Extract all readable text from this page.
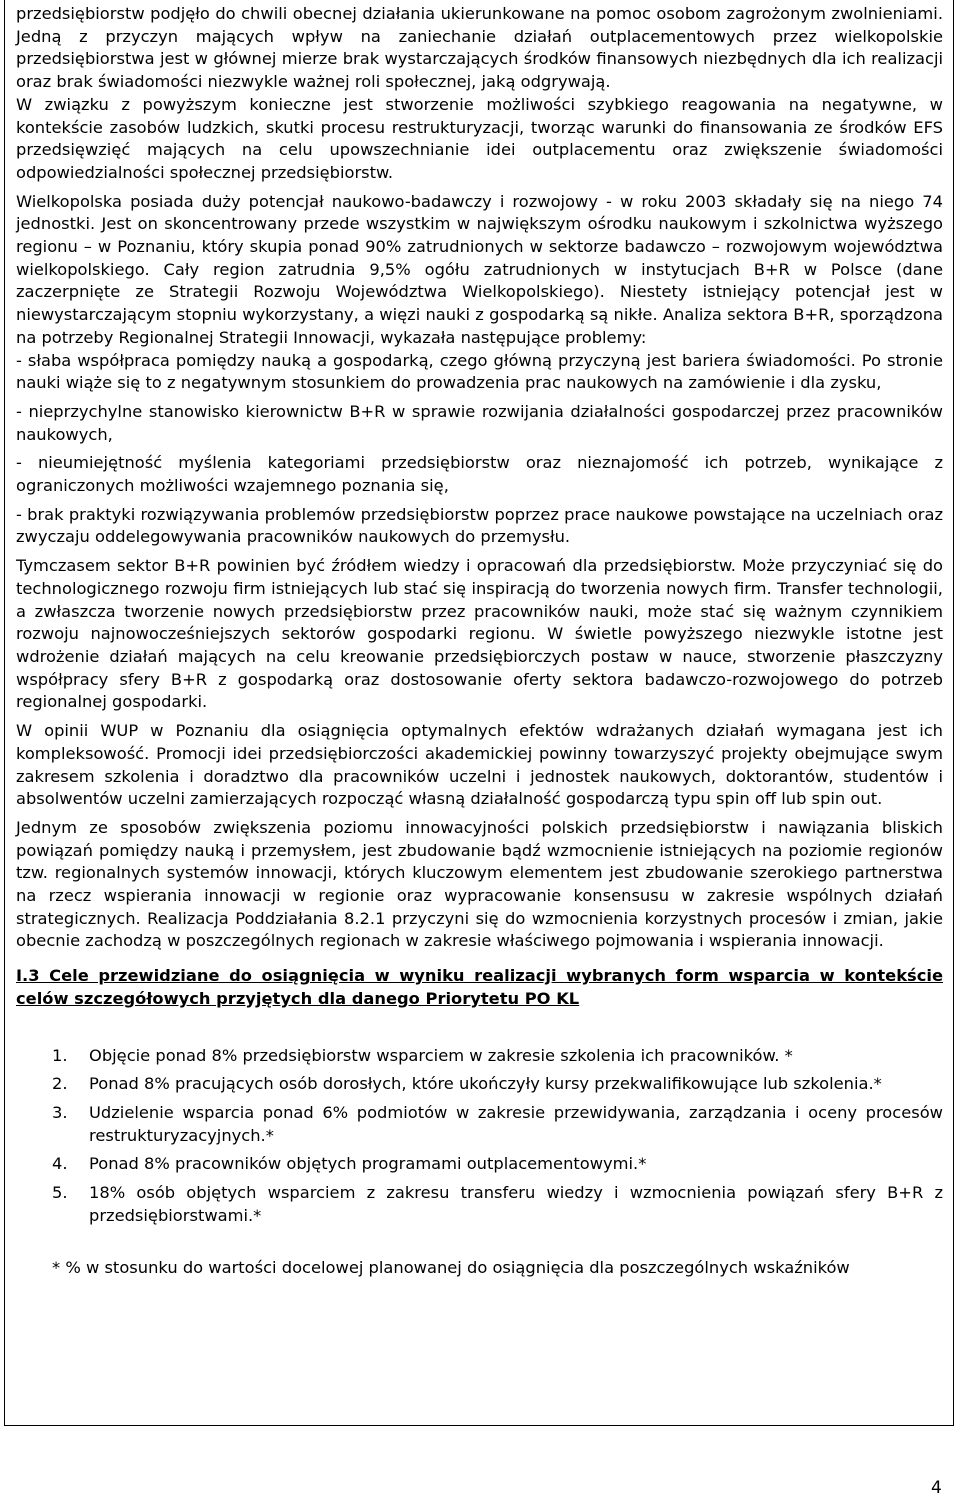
przedsiębiorstw podjęło do chwili obecnej działania ukierunkowane na pomoc osobom zagrożonym zwolnieniami. Jedną z przyczyn mających wpływ na zaniechanie działań outplacementowych przez wielkopolskie przedsiębiorstwa jest w głównej mierze brak wystarczających środków finansowych niezbędnych dla ich realizacji oraz brak świadomości niezwykle ważnej roli społecznej, jaką odgrywają.

W związku z powyższym konieczne jest stworzenie możliwości szybkiego reagowania na negatywne, w kontekście zasobów ludzkich, skutki procesu restrukturyzacji, tworząc warunki do finansowania ze środków EFS przedsięwzięć mających na celu upowszechnianie idei outplacementu oraz zwiększenie świadomości odpowiedzialności społecznej przedsiębiorstw.

Wielkopolska posiada duży potencjał naukowo-badawczy i rozwojowy - w roku 2003 składały się na niego 74 jednostki. Jest on skoncentrowany przede wszystkim w największym ośrodku naukowym i szkolnictwa wyższego regionu – w Poznaniu, który skupia ponad 90% zatrudnionych w sektorze badawczo – rozwojowym województwa wielkopolskiego. Cały region zatrudnia 9,5% ogółu zatrudnionych w instytucjach B+R w Polsce (dane zaczerpnięte ze Strategii Rozwoju Województwa Wielkopolskiego). Niestety istniejący potencjał jest w niewystarczającym stopniu wykorzystany, a więzi nauki z gospodarką są nikłe. Analiza sektora B+R, sporządzona na potrzeby Regionalnej Strategii Innowacji, wykazała następujące problemy:

- słaba współpraca pomiędzy nauką a gospodarką, czego główną przyczyną jest bariera świadomości. Po stronie nauki wiąże się to z negatywnym stosunkiem do prowadzenia prac naukowych na zamówienie i dla zysku,

- nieprzychylne stanowisko kierownictw B+R w sprawie rozwijania działalności gospodarczej przez pracowników naukowych,

- nieumiejętność myślenia kategoriami przedsiębiorstw oraz nieznajomość ich potrzeb, wynikające z ograniczonych możliwości wzajemnego poznania się,

- brak praktyki rozwiązywania problemów przedsiębiorstw poprzez prace naukowe powstające na uczelniach oraz zwyczaju oddelegowywania pracowników naukowych do przemysłu.

Tymczasem sektor B+R powinien być źródłem wiedzy i opracowań dla przedsiębiorstw. Może przyczyniać się do technologicznego rozwoju firm istniejących lub stać się inspiracją do tworzenia nowych firm. Transfer technologii, a zwłaszcza tworzenie nowych przedsiębiorstw przez pracowników nauki, może stać się ważnym czynnikiem rozwoju najnowocześniejszych sektorów gospodarki regionu. W świetle powyższego niezwykle istotne jest wdrożenie działań mających na celu kreowanie przedsiębiorczych postaw w nauce, stworzenie płaszczyzny współpracy sfery B+R z gospodarką oraz dostosowanie oferty sektora badawczo-rozwojowego do potrzeb regionalnej gospodarki.

W opinii WUP w Poznaniu dla osiągnięcia optymalnych efektów wdrażanych działań wymagana jest ich kompleksowość. Promocji idei przedsiębiorczości akademickiej powinny towarzyszyć projekty obejmujące swym zakresem szkolenia i doradztwo dla pracowników uczelni i jednostek naukowych, doktorantów, studentów i absolwentów uczelni zamierzających rozpocząć własną działalność gospodarczą typu spin off lub spin out.

Jednym ze sposobów zwiększenia poziomu innowacyjności polskich przedsiębiorstw i nawiązania bliskich powiązań pomiędzy nauką i przemysłem, jest zbudowanie bądź wzmocnienie istniejących na poziomie regionów tzw. regionalnych systemów innowacji, których kluczowym elementem jest zbudowanie szerokiego partnerstwa na rzecz wspierania innowacji w regionie oraz wypracowanie konsensusu w zakresie wspólnych działań strategicznych. Realizacja Poddziałania 8.2.1 przyczyni się do wzmocnienia korzystnych procesów i zmian, jakie obecnie zachodzą w poszczególnych regionach w zakresie właściwego pojmowania i wspierania innowacji.

I.3 Cele przewidziane do osiągnięcia w wyniku realizacji wybranych form wsparcia w kontekście celów szczegółowych przyjętych dla danego Priorytetu PO KL

1. Objęcie ponad 8% przedsiębiorstw wsparciem w zakresie szkolenia ich pracowników. *
2. Ponad 8% pracujących osób dorosłych, które ukończyły kursy przekwalifikowujące lub szkolenia.*
3. Udzielenie wsparcia ponad 6% podmiotów w zakresie przewidywania, zarządzania i oceny procesów restrukturyzacyjnych.*
4. Ponad 8% pracowników objętych programami outplacementowymi.*
5. 18% osób objętych wsparciem z zakresu transferu wiedzy i wzmocnienia powiązań sfery B+R z przedsiębiorstwami.*

* % w stosunku do wartości docelowej planowanej do osiągnięcia dla poszczególnych wskaźników

4
